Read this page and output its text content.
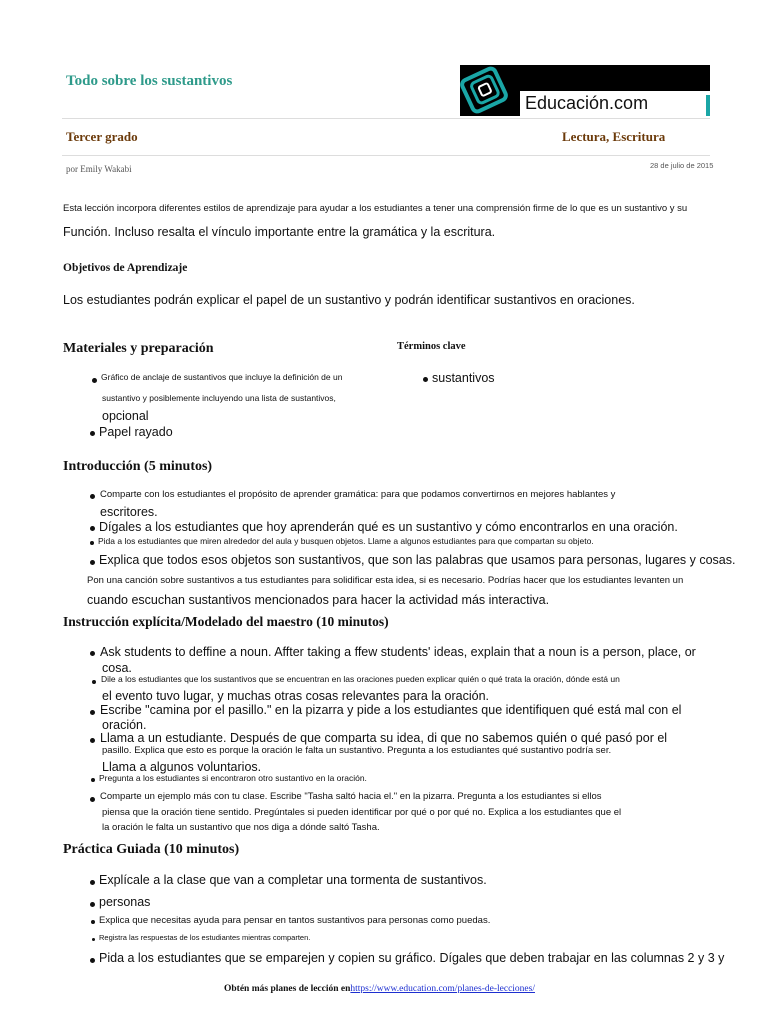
Todo sobre los sustantivos
Educación.com
Tercer grado	Lectura, Escritura
por Emily Wakabi	28 de julio de 2015
Esta lección incorpora diferentes estilos de aprendizaje para ayudar a los estudiantes a tener una comprensión firme de lo que es un sustantivo y su
Función. Incluso resalta el vínculo importante entre la gramática y la escritura.
Objetivos de Aprendizaje
Los estudiantes podrán explicar el papel de un sustantivo y podrán identificar sustantivos en oraciones.
Materiales y preparación
Gráfico de anclaje de sustantivos que incluye la definición de un
sustantivo y posiblemente incluyendo una lista de sustantivos,
opcional
Papel rayado
Términos clave
sustantivos
Introducción (5 minutos)
Comparte con los estudiantes el propósito de aprender gramática: para que podamos convertirnos en mejores hablantes y
escritores.
Dígales a los estudiantes que hoy aprenderán qué es un sustantivo y cómo encontrarlos en una oración.
Pida a los estudiantes que miren alrededor del aula y busquen objetos. Llame a algunos estudiantes para que compartan su objeto.
Explica que todos esos objetos son sustantivos, que son las palabras que usamos para personas, lugares y cosas.
Pon una canción sobre sustantivos a tus estudiantes para solidificar esta idea, si es necesario. Podrías hacer que los estudiantes levanten un
cuando escuchan sustantivos mencionados para hacer la actividad más interactiva.
Instrucción explícita/Modelado del maestro (10 minutos)
Ask students to deffine a noun. Affter taking a ffew students' ideas, explain that a noun is a person, place, or
cosa.
Dile a los estudiantes que los sustantivos que se encuentran en las oraciones pueden explicar quién o qué trata la oración, dónde está un
el evento tuvo lugar, y muchas otras cosas relevantes para la oración.
Escribe "camina por el pasillo." en la pizarra y pide a los estudiantes que identifiquen qué está mal con el
oración.
Llama a un estudiante. Después de que comparta su idea, di que no sabemos quién o qué pasó por el
pasillo. Explica que esto es porque la oración le falta un sustantivo. Pregunta a los estudiantes qué sustantivo podría ser.
Llama a algunos voluntarios.
Pregunta a los estudiantes si encontraron otro sustantivo en la oración.
Comparte un ejemplo más con tu clase. Escribe "Tasha saltó hacia el." en la pizarra. Pregunta a los estudiantes si ellos
piensa que la oración tiene sentido. Pregúntales si pueden identificar por qué o por qué no. Explica a los estudiantes que el
la oración le falta un sustantivo que nos diga a dónde saltó Tasha.
Práctica Guiada (10 minutos)
Explícale a la clase que van a completar una tormenta de sustantivos.
personas
Explica que necesitas ayuda para pensar en tantos sustantivos para personas como puedas.
Registra las respuestas de los estudiantes mientras comparten.
Pida a los estudiantes que se emparejen y copien su gráfico. Dígales que deben trabajar en las columnas 2 y 3 y
Obtén más planes de lección enhttps://www.education.com/planes-de-lecciones/
